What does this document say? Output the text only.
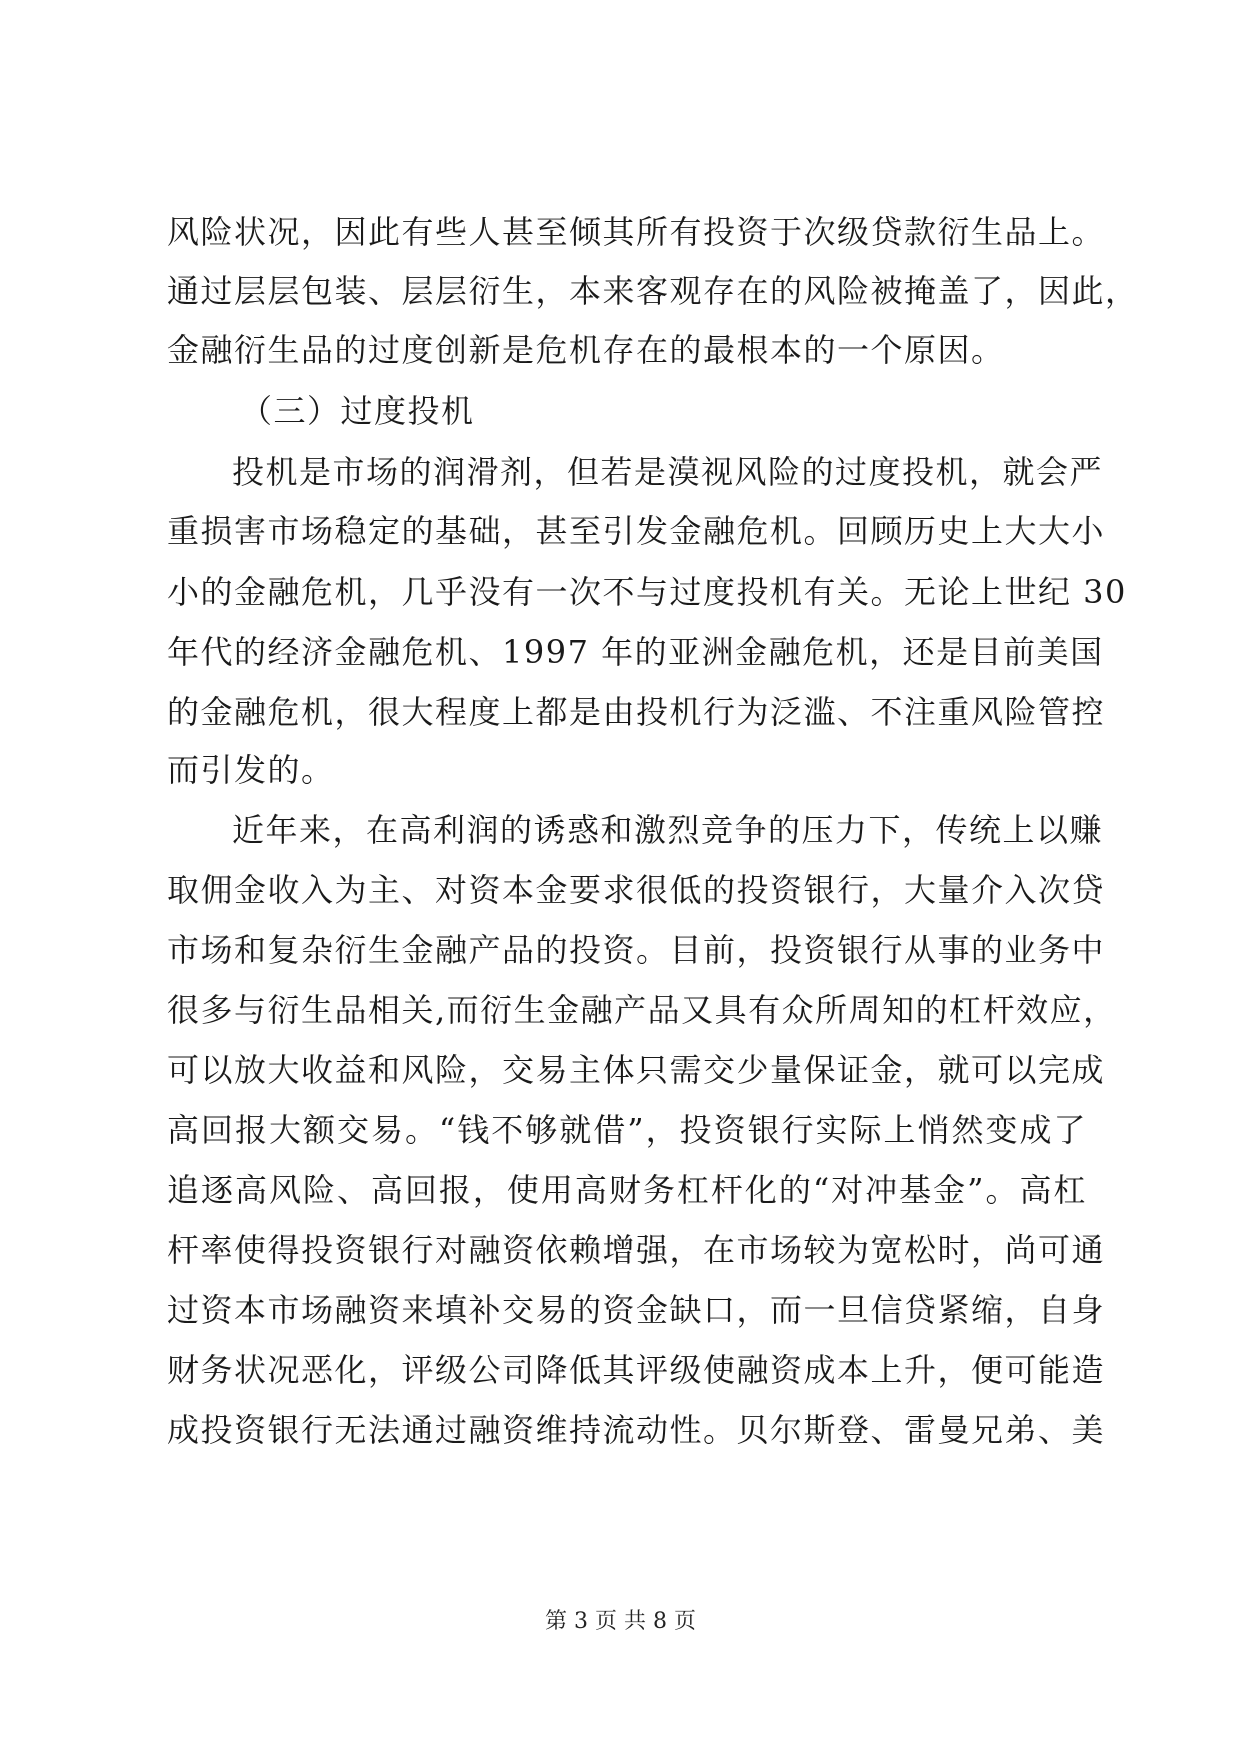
风险状况，因此有些人甚至倾其所有投资于次级贷款衍生品上。
通过层层包装、层层衍生，本来客观存在的风险被掩盖了，因此，
金融衍生品的过度创新是危机存在的最根本的一个原因。
（三）过度投机
投机是市场的润滑剂，但若是漠视风险的过度投机，就会严
重损害市场稳定的基础，甚至引发金融危机。回顾历史上大大小
小的金融危机，几乎没有一次不与过度投机有关。无论上世纪 30
年代的经济金融危机、1997 年的亚洲金融危机，还是目前美国
的金融危机，很大程度上都是由投机行为泛滥、不注重风险管控
而引发的。
近年来，在高利润的诱惑和激烈竞争的压力下，传统上以赚
取佣金收入为主、对资本金要求很低的投资银行，大量介入次贷
市场和复杂衍生金融产品的投资。目前，投资银行从事的业务中
很多与衍生品相关,而衍生金融产品又具有众所周知的杠杆效应，
可以放大收益和风险，交易主体只需交少量保证金，就可以完成
高回报大额交易。“钱不够就借”，投资银行实际上悄然变成了
追逐高风险、高回报，使用高财务杠杆化的“对冲基金”。高杠
杆率使得投资银行对融资依赖增强，在市场较为宽松时，尚可通
过资本市场融资来填补交易的资金缺口，而一旦信贷紧缩，自身
财务状况恶化，评级公司降低其评级使融资成本上升，便可能造
成投资银行无法通过融资维持流动性。贝尔斯登、雷曼兄弟、美
第 3 页 共 8 页
